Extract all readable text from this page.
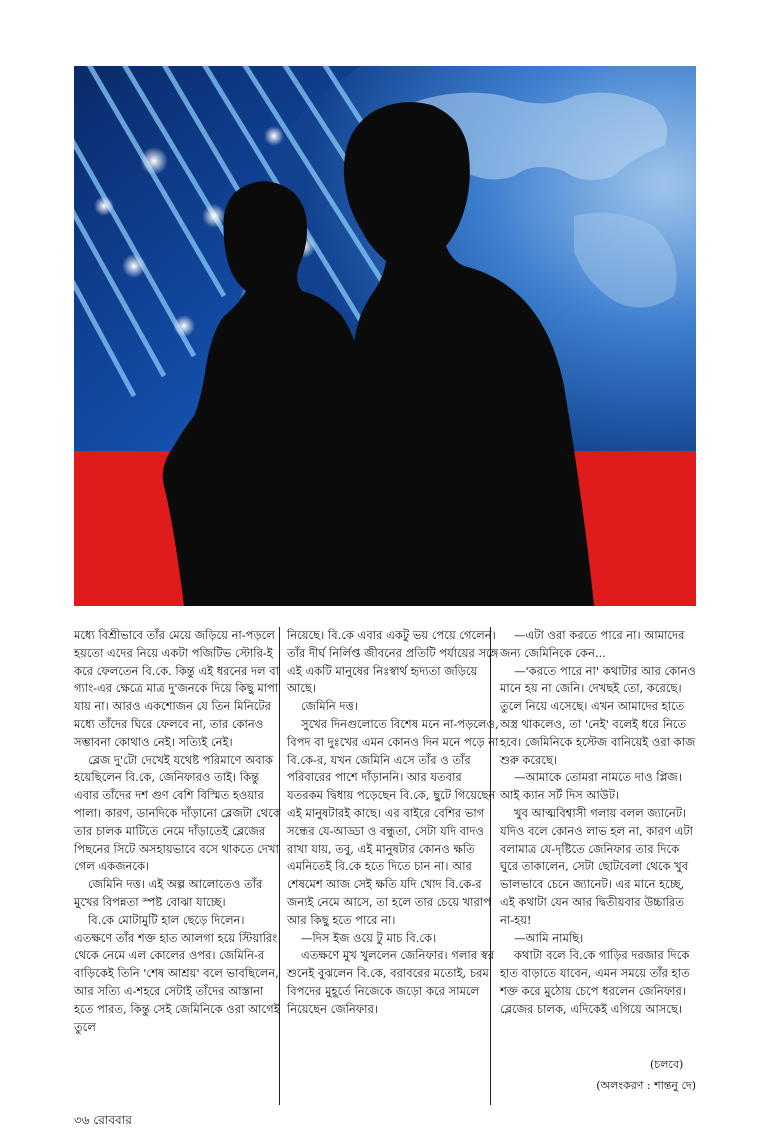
মধ্যে বিশ্রীভাবে তাঁর মেয়ে জড়িয়ে না-পড়লে হয়তো এদের নিয়ে একটা পজিটিভ স্টোরি-ই করে ফেলতেন বি.কে. কিন্তু এই ধরনের দল বা গ্যাং-এর ক্ষেত্রে মাত্র দু'জনকে দিয়ে কিছু মাপা যায় না। আরও একশোজন যে তিন মিনিটের মধ্যে তাঁদের ঘিরে ফেলবে না, তার কোনও সম্ভাবনা কোথাও নেই। সত্যিই নেই।

ব্লেজ দু'টো দেখেই যথেষ্ট পরিমাণে অবাক হয়েছিলেন বি.কে, জেনিফারও তাই। কিন্তু এবার তাঁদের দশ গুণ বেশি বিস্মিত হওয়ার পালা। কারণ, ডানদিকে দাঁড়ানো ব্লেজটা থেকে তার চালক মাটিতে নেমে দাঁড়াতেই ব্লেজের পিছনের সিটে অসহায়ভাবে বসে থাকতে দেখা গেল একজনকে।

জেমিনি দত্ত। এই অল্প আলোতেও তাঁর মুখের বিপন্নতা স্পষ্ট বোঝা যাচ্ছে।

বি.কে মোটামুটি হাল ছেড়ে দিলেন। এতক্ষণে তাঁর শক্ত হাত আলগা হয়ে স্টিয়ারিং থেকে নেমে এল কোলের ওপর। জেমিনি-র বাড়িকেই তিনি 'শেষ আশ্রয়' বলে ভাবছিলেন, আর সত্যি এ-শহরে সেটাই তাঁদের আস্তানা হতে পারত, কিন্তু সেই জেমিনিকে ওরা আগেই তুলে

নিয়েছে। বি.কে এবার একটু ভয় পেয়ে গেলেন। তাঁর দীর্ঘ নির্লিপ্ত জীবনের প্রতিটি পর্যায়ের সঙ্গে এই একটি মানুষের নিঃস্বার্থ হৃদ্যতা জড়িয়ে আছে।

জেমিনি দত্ত।

সুখের দিনগুলোতে বিশেষ মনে না-পড়লেও, বিপদ বা দুঃখের এমন কোনও দিন মনে পড়ে না বি.কে-র, যখন জেমিনি এসে তাঁর ও তাঁর পরিবারের পাশে দাঁড়াননি। আর যতবার যতরকম দ্বিধায় পড়েছেন বি.কে, ছুটে গিয়েছেন এই মানুষটারই কাছে। এর বাইরে বেশির ভাগ সন্ধের যে-আড্ডা ও বন্ধুতা, সেটা যদি বাদও রাখা যায়, তবু, এই মানুষটার কোনও ক্ষতি এমনিতেই বি.কে হতে দিতে চান না। আর শেষমেশ আজ সেই ক্ষতি যদি খোদ বি.কে-র জন্যই নেমে আসে, তা হলে তার চেয়ে খারাপ আর কিছু হতে পারে না।

—দিস ইজ ওয়ে টু মাচ বি.কে।

এতক্ষণে মুখ খুললেন জেনিফার। গলার স্বর শুনেই বুঝলেন বি.কে, বরাবরের মতোই, চরম বিপদের মুহূর্তে নিজেকে জড়ো করে সামলে নিয়েছেন জেনিফার।

—এটা ওরা করতে পারে না। আমাদের জন্য জেমিনিকে কেন...

—'করতে পারে না' কথাটার আর কোনও মানে হয় না জেনি। দেখছই তো, করেছে। তুলে নিয়ে এসেছে। এখন আমাদের হাতে অস্ত্র থাকলেও, তা 'নেই' বলেই ধরে নিতে হবে। জেমিনিকে হস্টেজ বানিয়েই ওরা কাজ শুরু করেছে।

—আমাকে তোমরা নামতে দাও প্লিজ। আই ক্যান সর্ট দিস আউট।

খুব আত্মবিশ্বাসী গলায় বলল জ্যানেট। যদিও বলে কোনও লাভ হল না, কারণ এটা বলামাত্র যে-দৃষ্টিতে জেনিফার তার দিকে ঘুরে তাকালেন, সেটা ছোটবেলা থেকে খুব ভালভাবে চেনে জ্যানেট। এর মানে হচ্ছে, এই কথাটা যেন আর দ্বিতীয়বার উচ্চারিত না-হয়!

—আমি নামছি।

কথাটা বলে বি.কে গাড়ির দরজার দিকে হাত বাড়াতে যাবেন, এমন সময়ে তাঁর হাত শক্ত করে মুঠোয় চেপে ধরলেন জেনিফার। ব্লেজের চালক, এদিকেই এগিয়ে আসছে।

(চলবে)
(অলংকরণ : শান্তনু দে)
৩৬ রোববার
